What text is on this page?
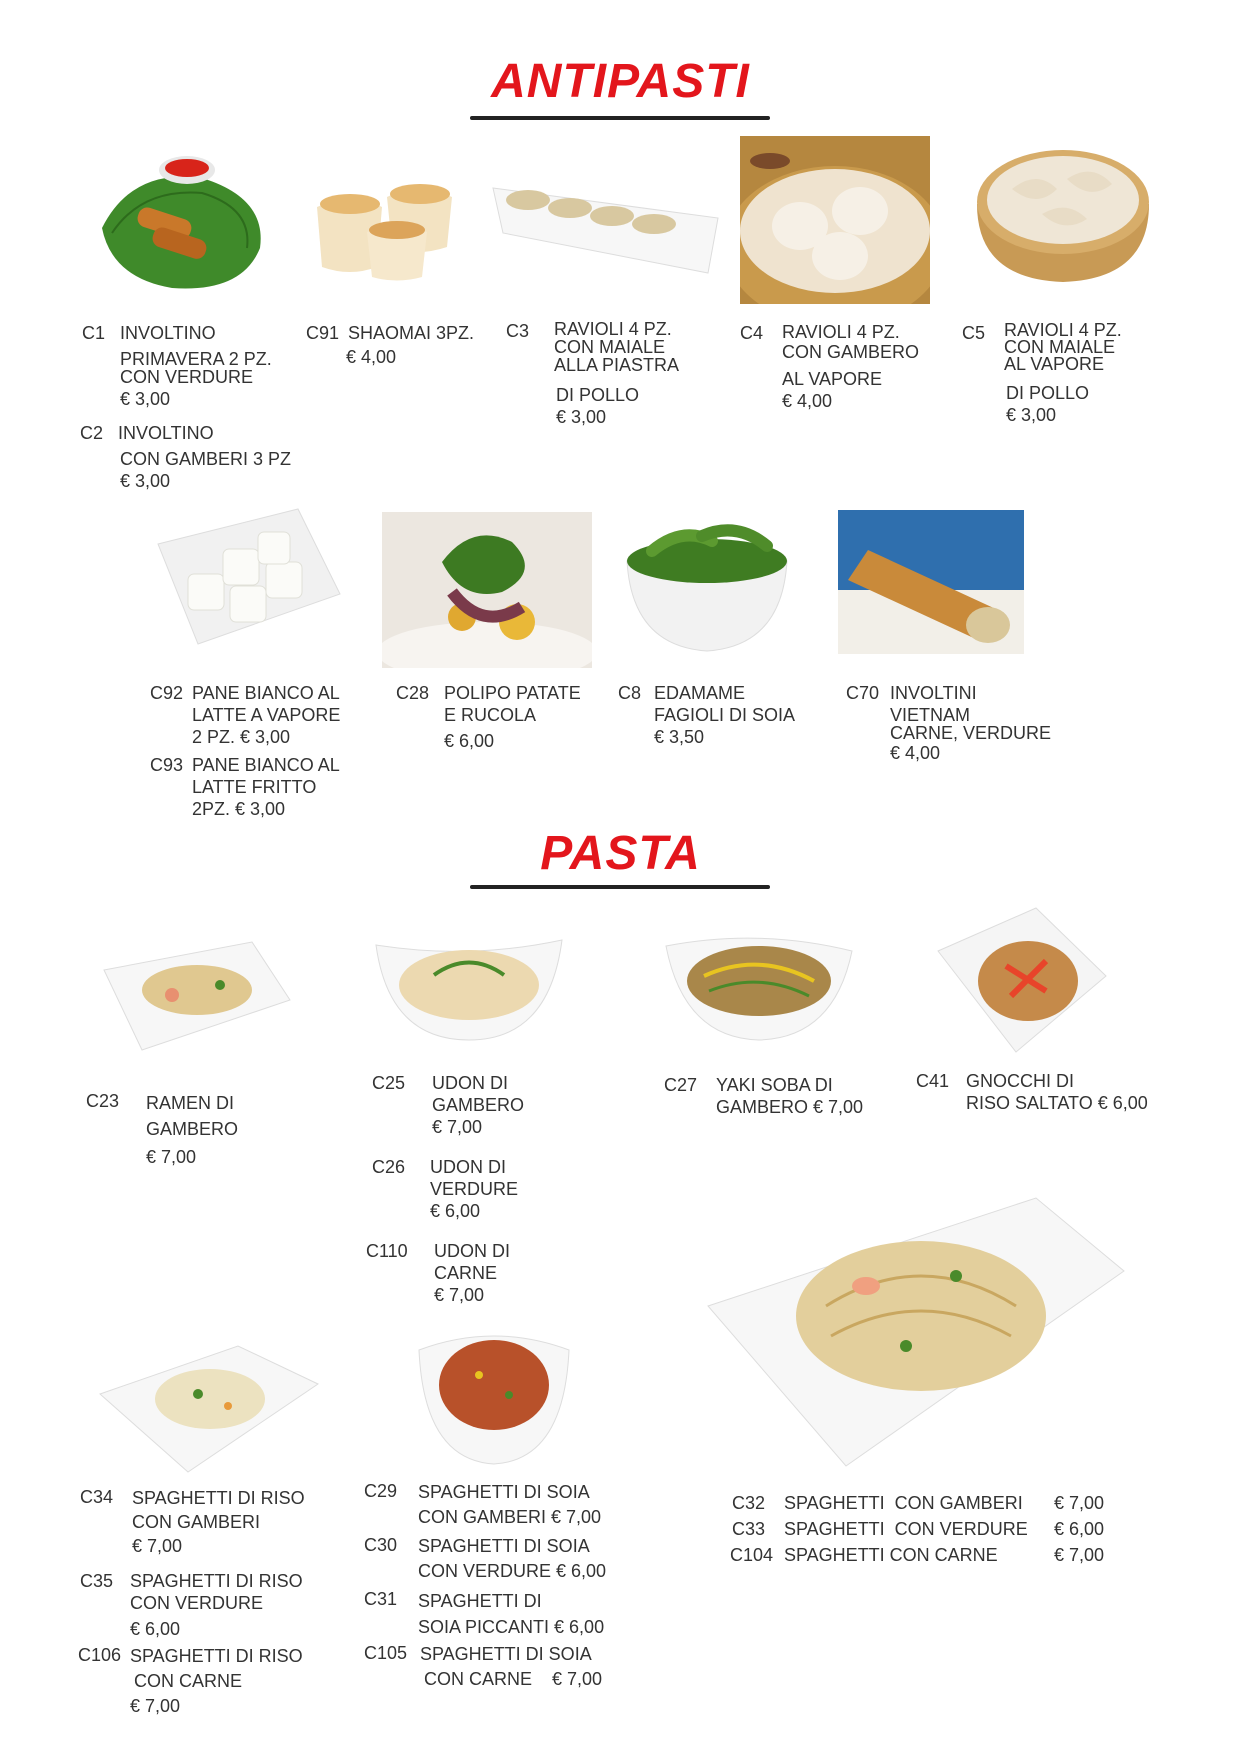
ANTIPASTI
PASTA
C1 INVOLTINO
PRIMAVERA 2 PZ.
CON VERDURE
€ 3,00
C2 INVOLTINO
CON GAMBERI 3 PZ
€ 3,00
C91 SHAOMAI 3PZ.
€ 4,00
C3 RAVIOLI 4 PZ.
CON MAIALE
ALLA PIASTRA
DI POLLO
€ 3,00
C4 RAVIOLI 4 PZ.
CON GAMBERO
AL VAPORE
€ 4,00
C5 RAVIOLI 4 PZ.
CON MAIALE
AL VAPORE
DI POLLO
€ 3,00
C92 PANE BIANCO AL
LATTE A VAPORE
2 PZ. € 3,00
C93 PANE BIANCO AL
LATTE FRITTO
2PZ. € 3,00
C28 POLIPO PATATE
E RUCOLA
€ 6,00
C8 EDAMAME
FAGIOLI DI SOIA
€ 3,50
C70 INVOLTINI
VIETNAM
CARNE, VERDURE
€ 4,00
C23 RAMEN DI
GAMBERO
€ 7,00
C25 UDON DI
GAMBERO
€ 7,00
C26 UDON DI
VERDURE
€ 6,00
C110 UDON DI
CARNE
€ 7,00
C27 YAKI SOBA DI
GAMBERO € 7,00
C41 GNOCCHI DI
RISO SALTATO € 6,00
C34 SPAGHETTI DI RISO
CON GAMBERI
€ 7,00
C35 SPAGHETTI DI RISO
CON VERDURE
€ 6,00
C106 SPAGHETTI DI RISO
CON CARNE
€ 7,00
C29 SPAGHETTI DI SOIA
CON GAMBERI € 7,00
C30 SPAGHETTI DI SOIA
CON VERDURE € 6,00
C31 SPAGHETTI DI
SOIA PICCANTI € 6,00
C105 SPAGHETTI DI SOIA
CON CARNE    € 7,00
C32 SPAGHETTI  CON GAMBERI € 7,00
C33 SPAGHETTI  CON VERDURE € 6,00
C104 SPAGHETTI CON CARNE	€ 7,00
